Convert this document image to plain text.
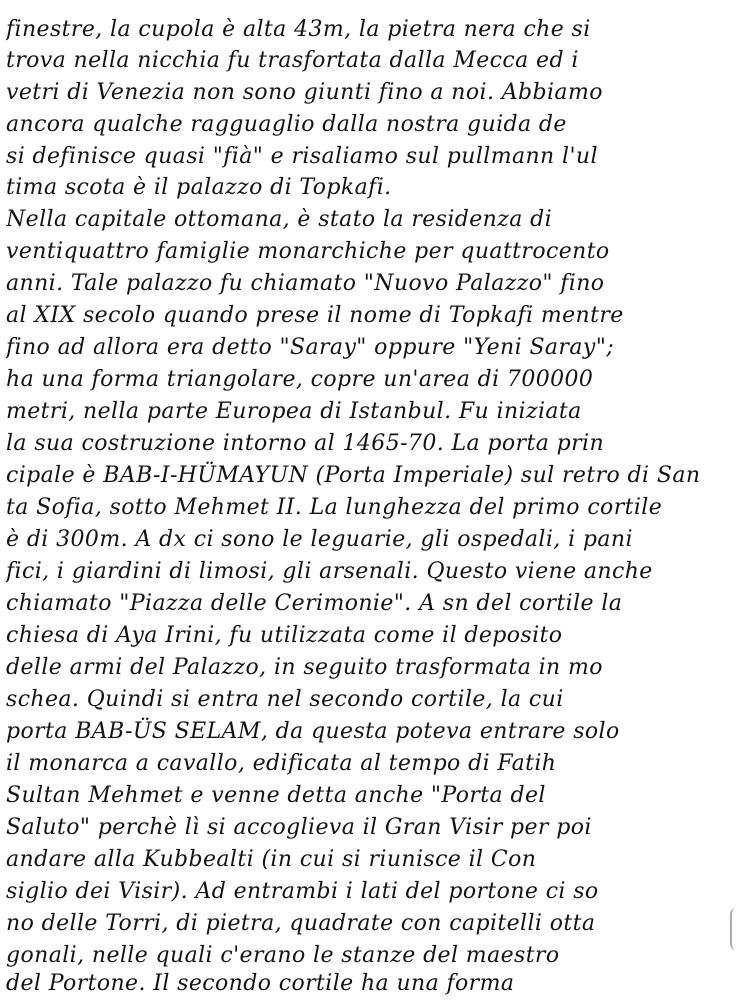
finestre, la cupola è alta 43m, la pietra nera che si
trova nella nicchia fu trasfortata dalla Mecca ed i
vetri di Venezia non sono giunti fino a noi. Abbiamo
ancora qualche ragguaglio dalla nostra guida de
si definisce quasi "fià" e risaliamo sul pullmann l'ul
tima scota è il palazzo di Topkafi.
Nella capitale ottomana, è stato la residenza di
ventiquattro famiglie monarchiche per quattrocento
anni. Tale palazzo fu chiamato "Nuovo Palazzo" fino
al XIX secolo quando prese il nome di Topkafi mentre
fino ad allora era detto "Saray" oppure "Yeni Saray";
ha una forma triangolare, copre un'area di 700000
metri, nella parte Europea di Istanbul. Fu iniziata
la sua costruzione intorno al 1465-70. La porta prin
cipale è BAB-I-HÜMAYUN (Porta Imperiale) sul retro di San
ta Sofia, sotto Mehmet II. La lunghezza del primo cortile
è di 300m. A dx ci sono le leguarie, gli ospedali, i pani
fici, i giardini di limosi, gli arsenali. Questo viene anche
chiamato "Piazza delle Cerimonie". A sn del cortile la
chiesa di Aya Irini, fu utilizzata come il deposito
delle armi del Palazzo, in seguito trasformata in mo
schea. Quindi si entra nel secondo cortile, la cui
porta BAB-ÜS SELAM, da questa poteva entrare solo
il monarca a cavallo, edificata al tempo di Fatih
Sultan Mehmet e venne detta anche "Porta del
Saluto" perchè lì si accoglieva il Gran Visir per poi
andare alla Kubbealti (in cui si riunisce il Con
siglio dei Visir). Ad entrambi i lati del portone ci so
no delle Torri, di pietra, quadrate con capitelli otta
gonali, nelle quali c'erano le stanze del maestro
del Portone. Il secondo cortile ha una forma
